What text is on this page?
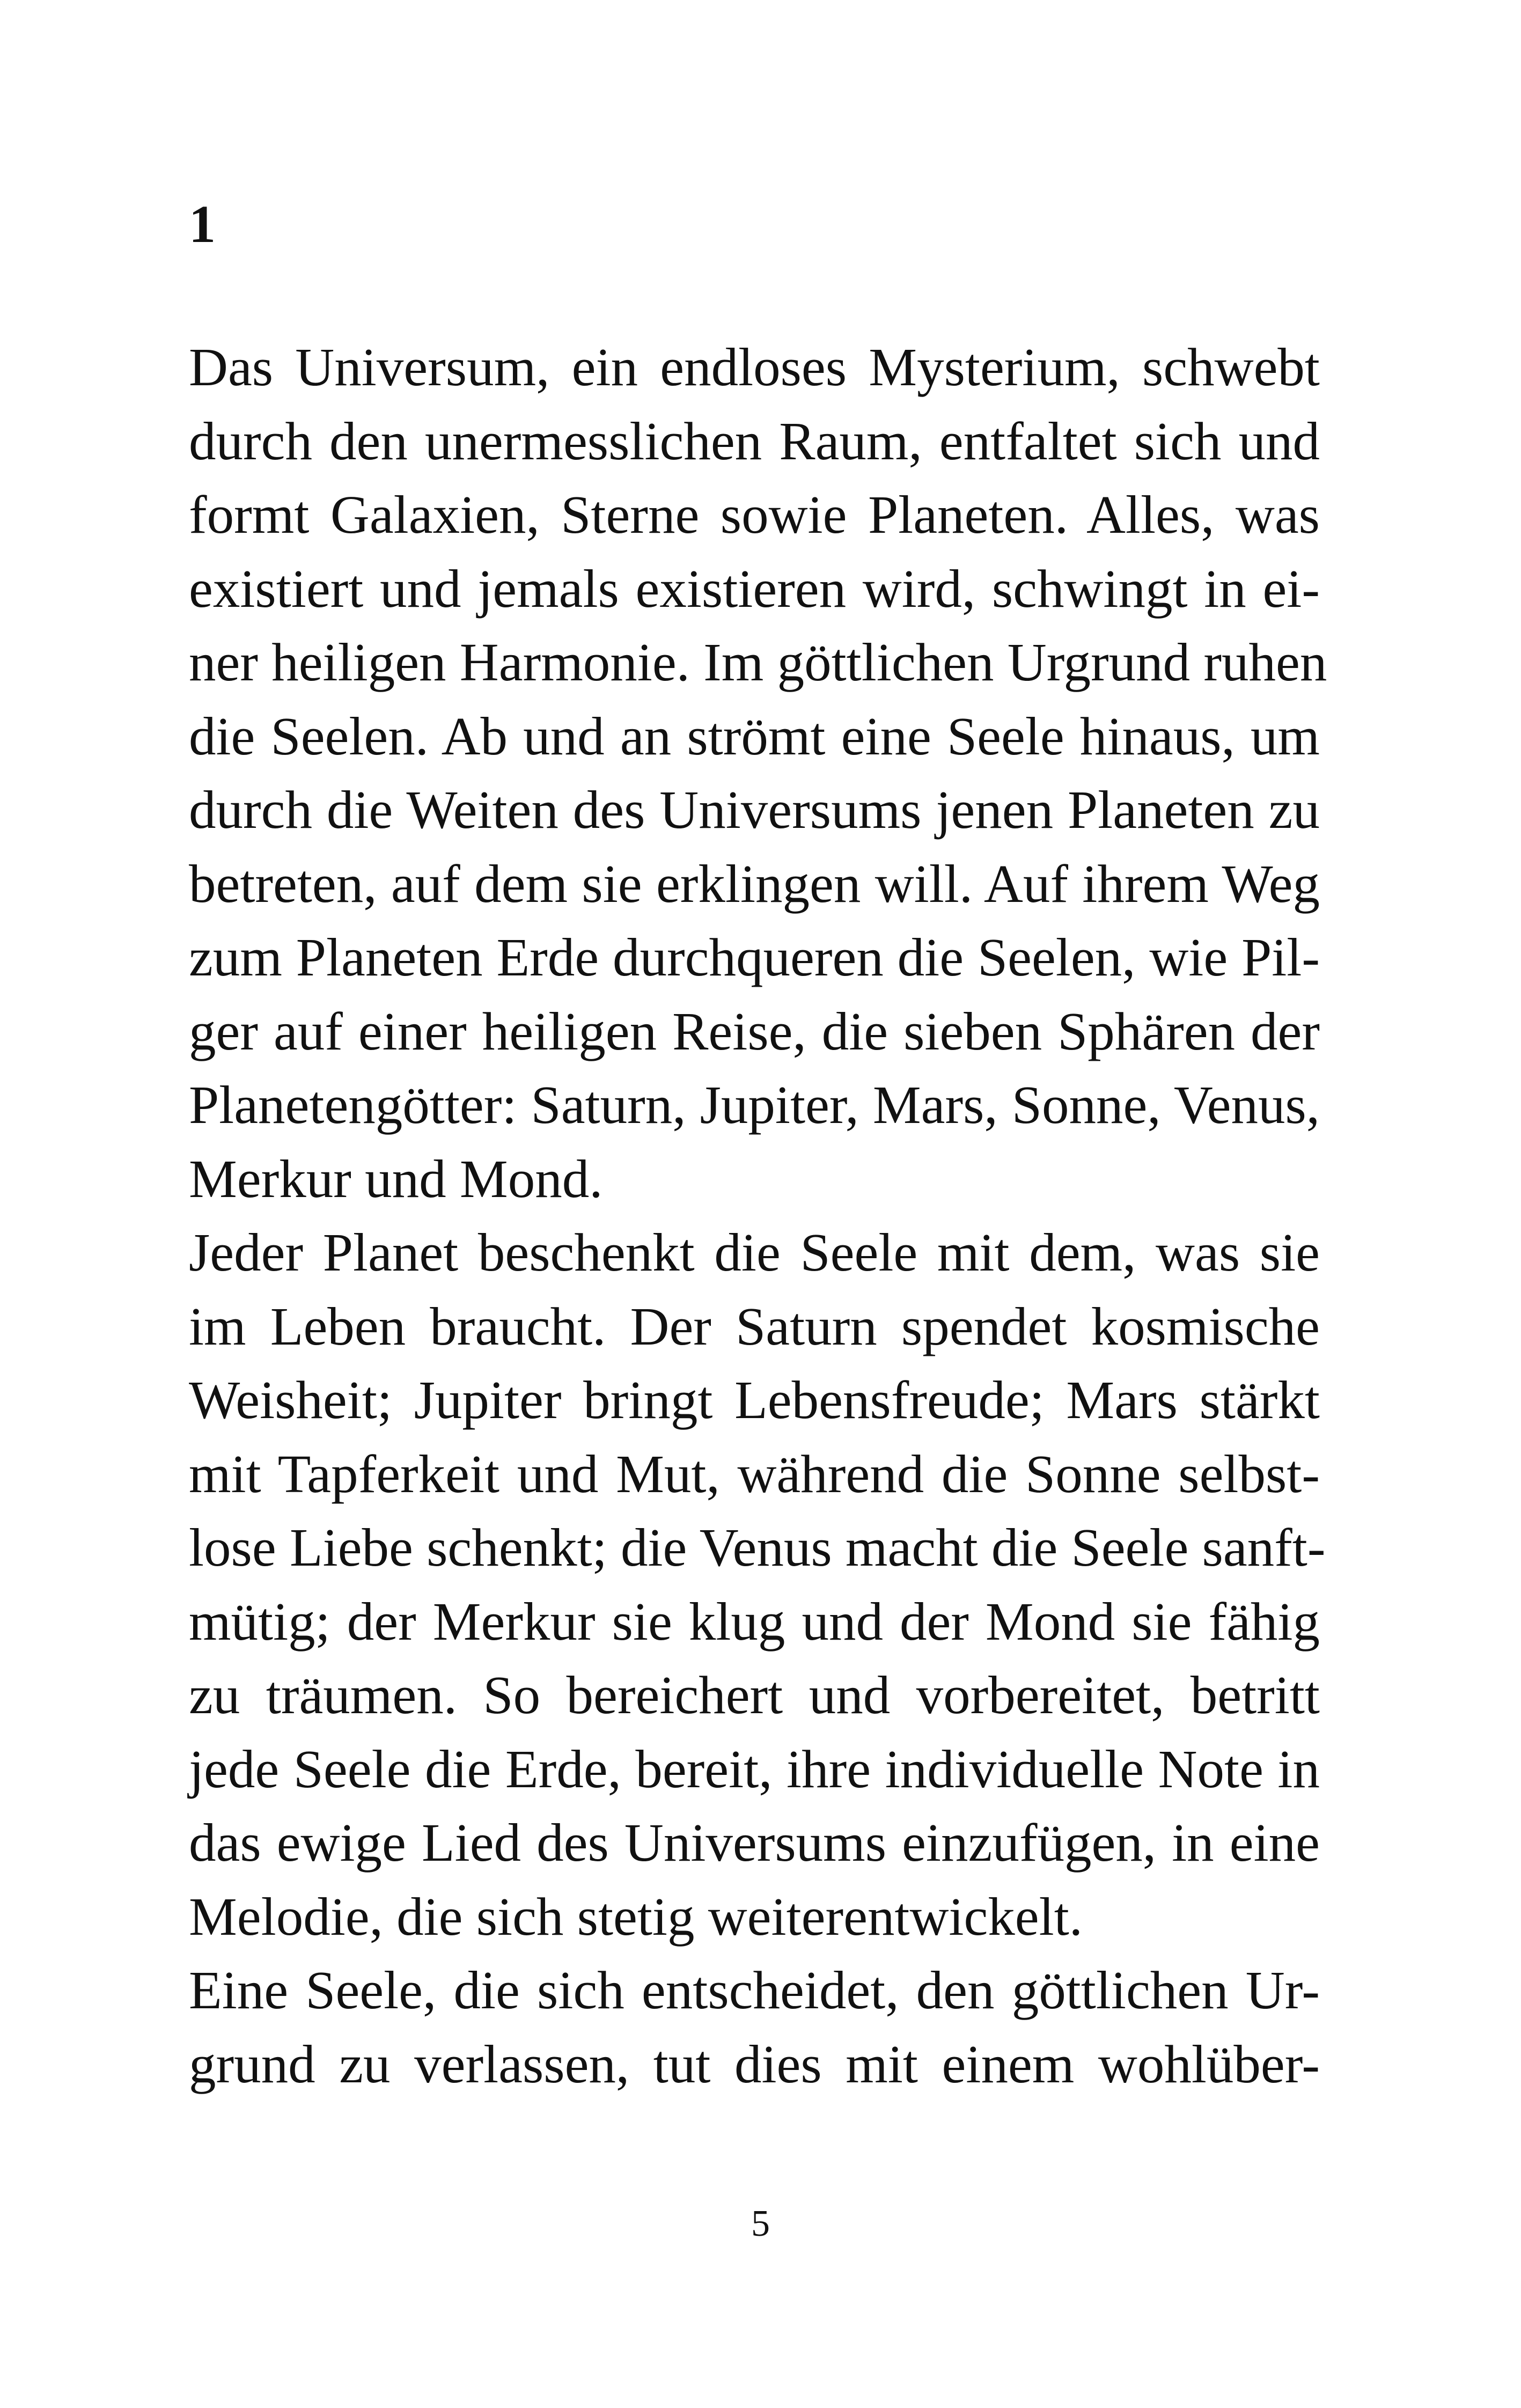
1
Das Universum, ein endloses Mysterium, schwebt
durch den unermesslichen Raum, entfaltet sich und
formt Galaxien, Sterne sowie Planeten. Alles, was
existiert und jemals existieren wird, schwingt in ei-
ner heiligen Harmonie. Im göttlichen Urgrund ruhen
die Seelen. Ab und an strömt eine Seele hinaus, um
durch die Weiten des Universums jenen Planeten zu
betreten, auf dem sie erklingen will. Auf ihrem Weg
zum Planeten Erde durchqueren die Seelen, wie Pil-
ger auf einer heiligen Reise, die sieben Sphären der
Planetengötter: Saturn, Jupiter, Mars, Sonne, Venus,
Merkur und Mond.
Jeder Planet beschenkt die Seele mit dem, was sie
im Leben braucht. Der Saturn spendet kosmische
Weisheit; Jupiter bringt Lebensfreude; Mars stärkt
mit Tapferkeit und Mut, während die Sonne selbst-
lose Liebe schenkt; die Venus macht die Seele sanft-
mütig; der Merkur sie klug und der Mond sie fähig
zu träumen. So bereichert und vorbereitet, betritt
jede Seele die Erde, bereit, ihre individuelle Note in
das ewige Lied des Universums einzufügen, in eine
Melodie, die sich stetig weiterentwickelt.
Eine Seele, die sich entscheidet, den göttlichen Ur-
grund zu verlassen, tut dies mit einem wohlüber-
5
